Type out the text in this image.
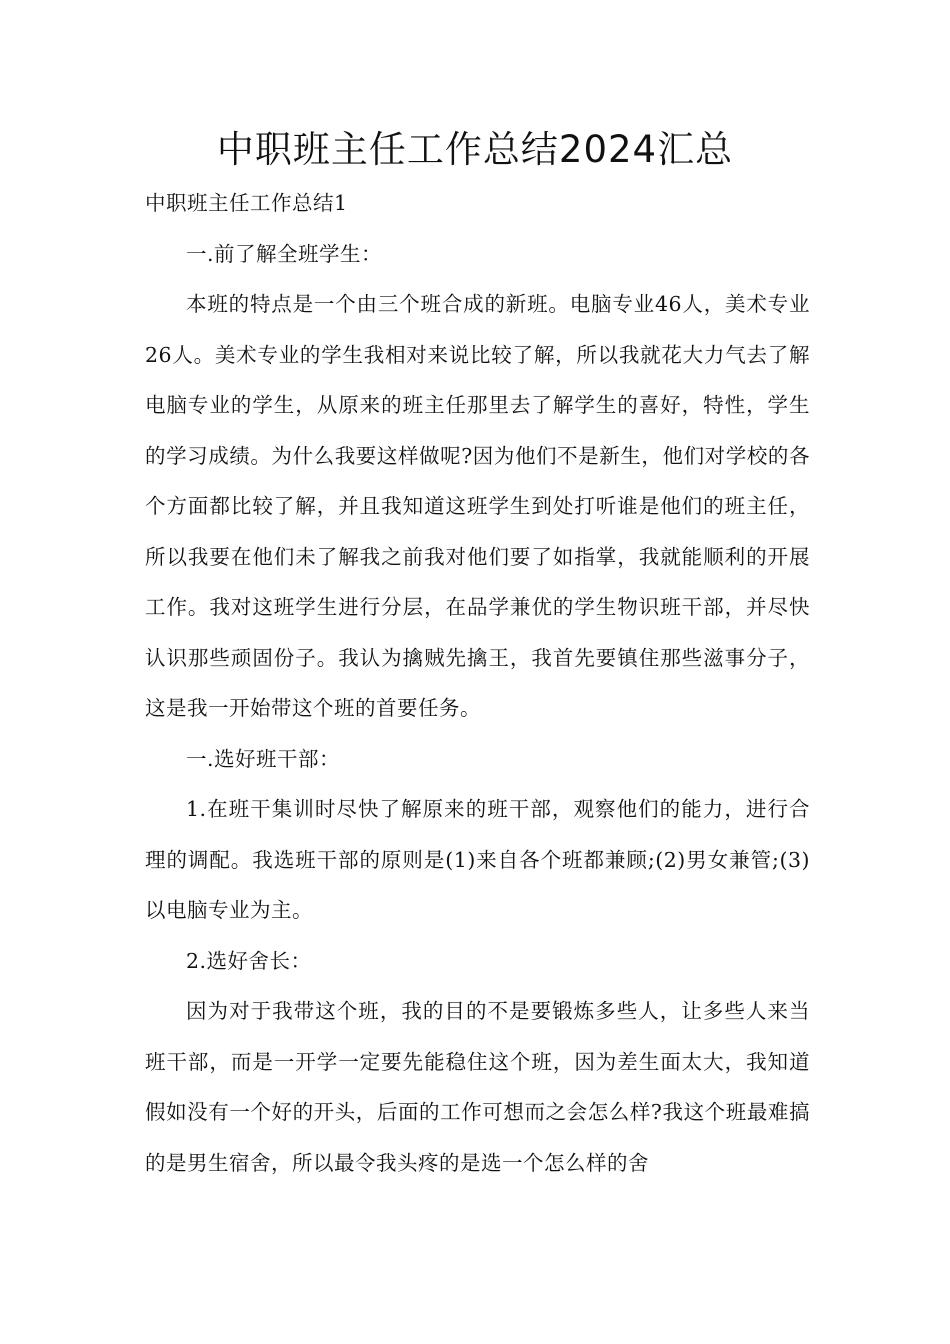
中职班主任工作总结2024汇总

中职班主任工作总结1

一.前了解全班学生：

本班的特点是一个由三个班合成的新班。电脑专业46人，美术专业26人。美术专业的学生我相对来说比较了解，所以我就花大力气去了解电脑专业的学生，从原来的班主任那里去了解学生的喜好，特性，学生的学习成绩。为什么我要这样做呢?因为他们不是新生，他们对学校的各个方面都比较了解，并且我知道这班学生到处打听谁是他们的班主任，所以我要在他们未了解我之前我对他们要了如指掌，我就能顺利的开展工作。我对这班学生进行分层，在品学兼优的学生物识班干部，并尽快认识那些顽固份子。我认为擒贼先擒王，我首先要镇住那些滋事分子，这是我一开始带这个班的首要任务。

一.选好班干部：

1.在班干集训时尽快了解原来的班干部，观察他们的能力，进行合理的调配。我选班干部的原则是(1)来自各个班都兼顾;(2)男女兼管;(3)以电脑专业为主。

2.选好舍长：

因为对于我带这个班，我的目的不是要锻炼多些人，让多些人来当班干部，而是一开学一定要先能稳住这个班，因为差生面太大，我知道假如没有一个好的开头，后面的工作可想而之会怎么样?我这个班最难搞的是男生宿舍，所以最令我头疼的是选一个怎么样的舍
